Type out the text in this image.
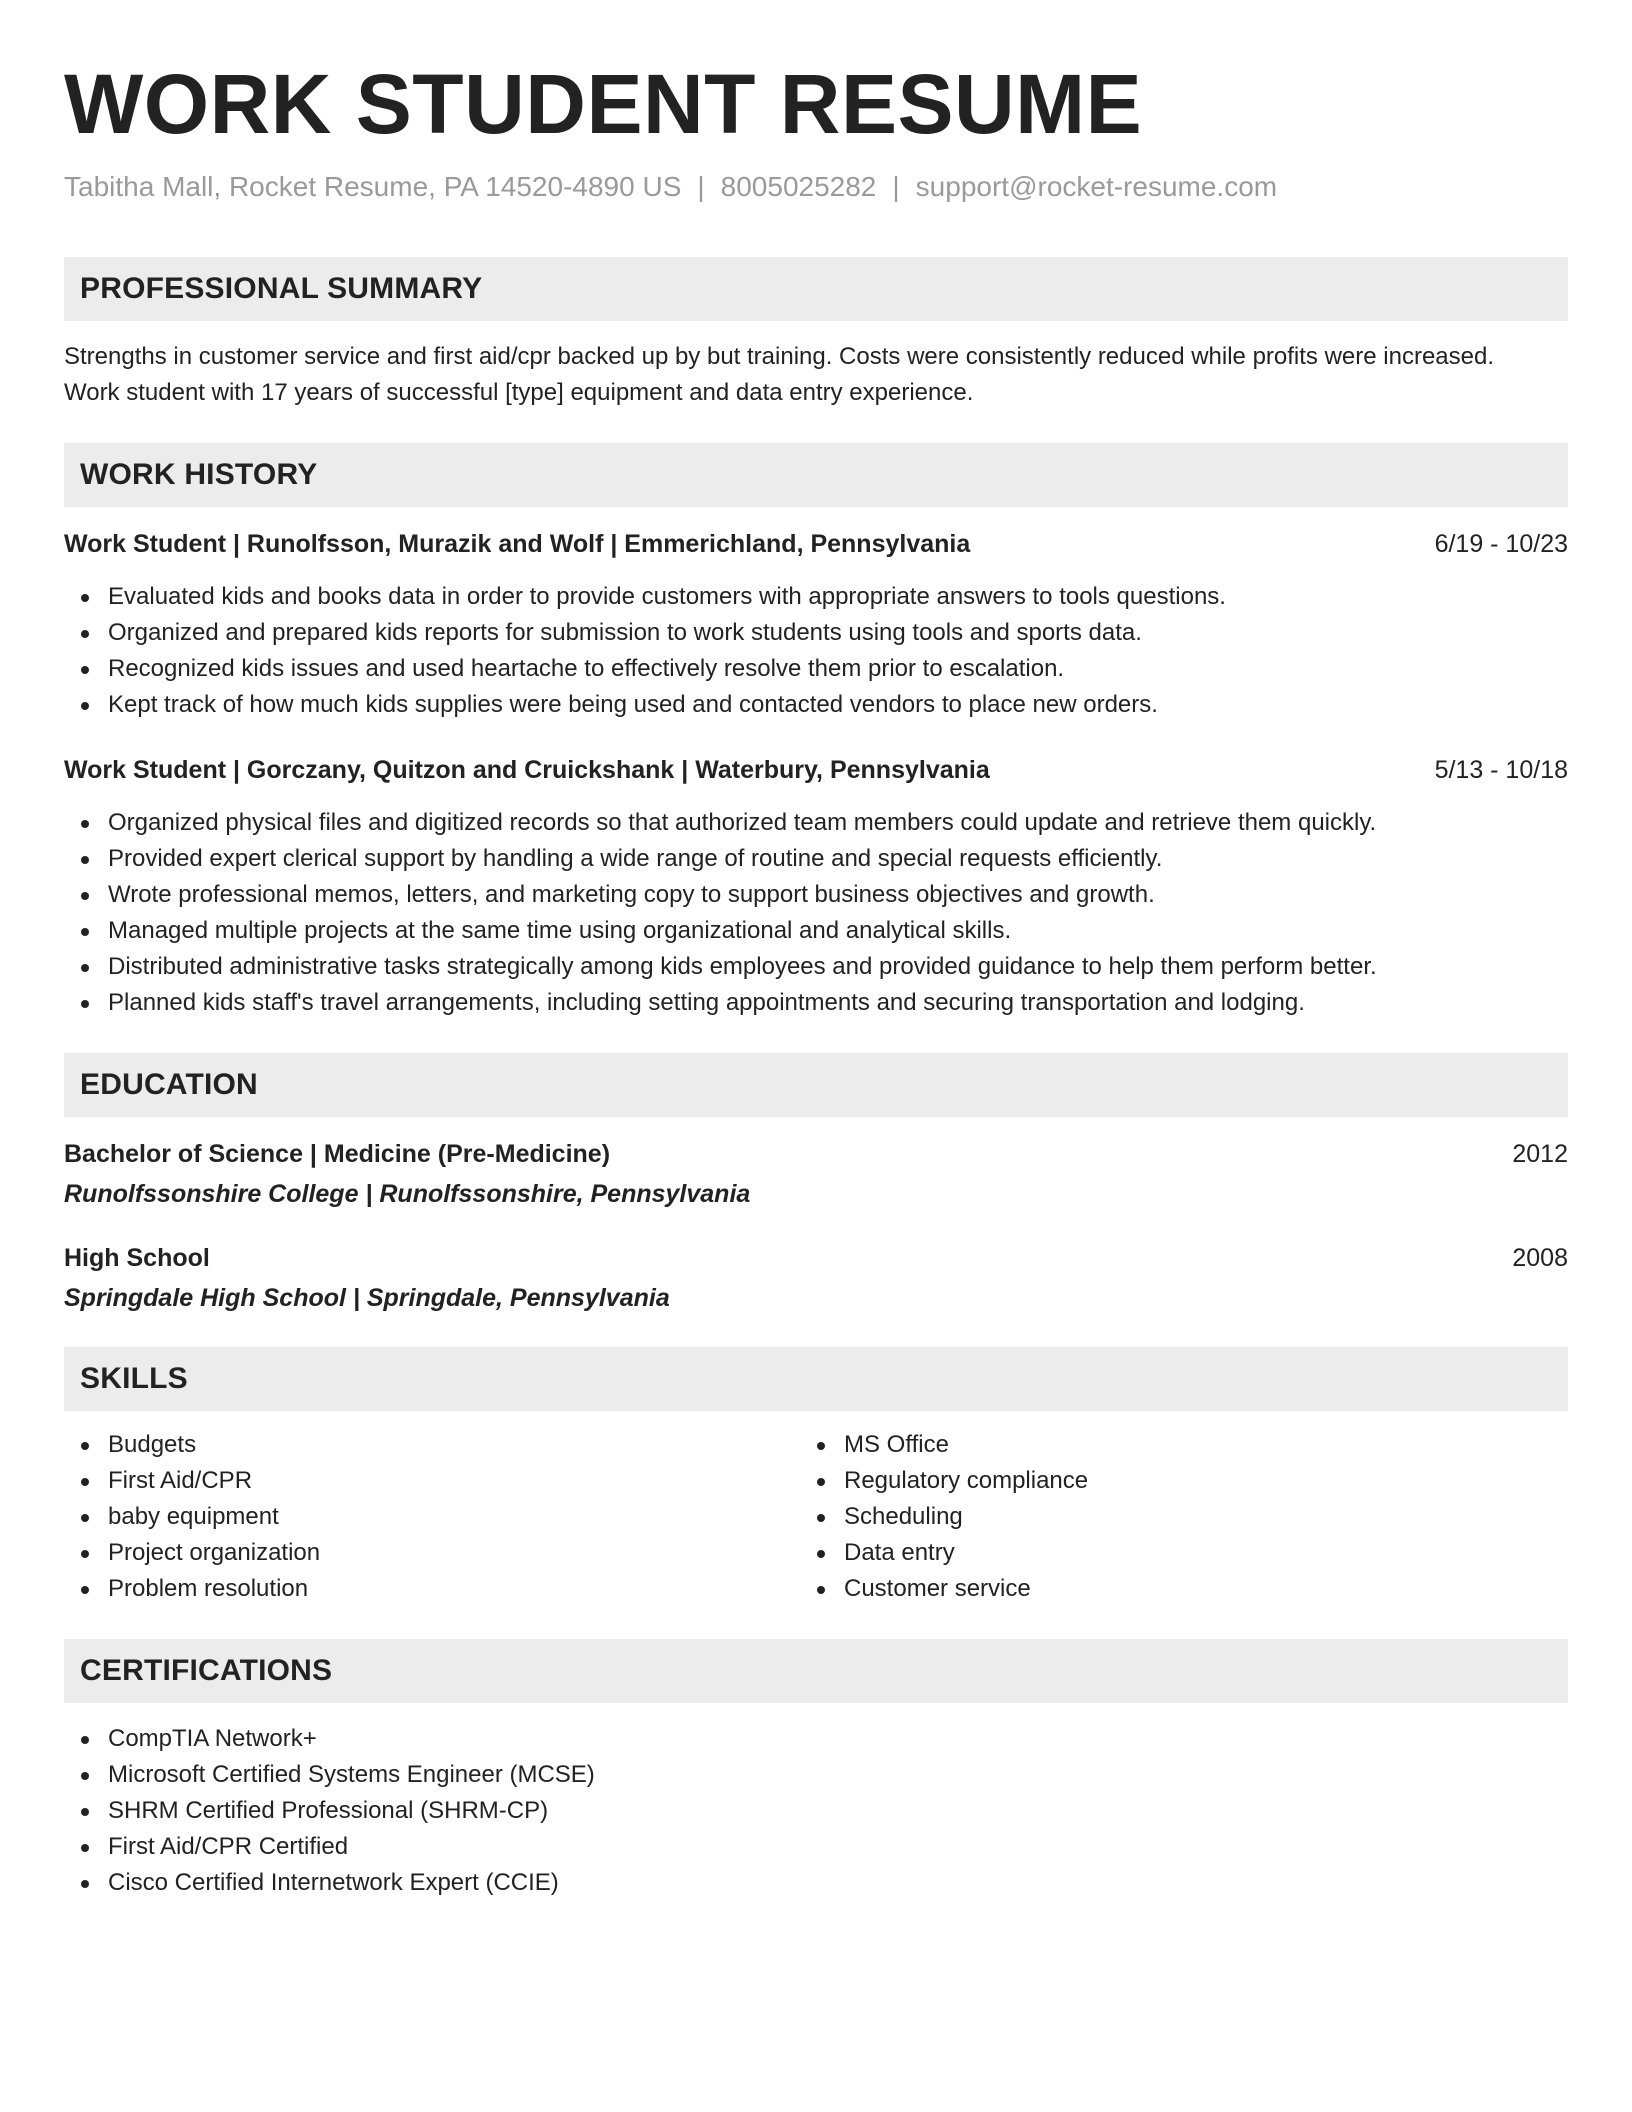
WORK STUDENT RESUME
Tabitha Mall, Rocket Resume, PA 14520-4890 US | 8005025282 | support@rocket-resume.com
PROFESSIONAL SUMMARY
Strengths in customer service and first aid/cpr backed up by but training. Costs were consistently reduced while profits were increased.
Work student with 17 years of successful [type] equipment and data entry experience.
WORK HISTORY
Work Student | Runolfsson, Murazik and Wolf | Emmerichland, Pennsylvania	6/19 - 10/23
Evaluated kids and books data in order to provide customers with appropriate answers to tools questions.
Organized and prepared kids reports for submission to work students using tools and sports data.
Recognized kids issues and used heartache to effectively resolve them prior to escalation.
Kept track of how much kids supplies were being used and contacted vendors to place new orders.
Work Student | Gorczany, Quitzon and Cruickshank | Waterbury, Pennsylvania	5/13 - 10/18
Organized physical files and digitized records so that authorized team members could update and retrieve them quickly.
Provided expert clerical support by handling a wide range of routine and special requests efficiently.
Wrote professional memos, letters, and marketing copy to support business objectives and growth.
Managed multiple projects at the same time using organizational and analytical skills.
Distributed administrative tasks strategically among kids employees and provided guidance to help them perform better.
Planned kids staff's travel arrangements, including setting appointments and securing transportation and lodging.
EDUCATION
Bachelor of Science | Medicine (Pre-Medicine)	2012
Runolfssonshire College | Runolfssonshire, Pennsylvania
High School	2008
Springdale High School | Springdale, Pennsylvania
SKILLS
Budgets
First Aid/CPR
baby equipment
Project organization
Problem resolution
MS Office
Regulatory compliance
Scheduling
Data entry
Customer service
CERTIFICATIONS
CompTIA Network+
Microsoft Certified Systems Engineer (MCSE)
SHRM Certified Professional (SHRM-CP)
First Aid/CPR Certified
Cisco Certified Internetwork Expert (CCIE)
